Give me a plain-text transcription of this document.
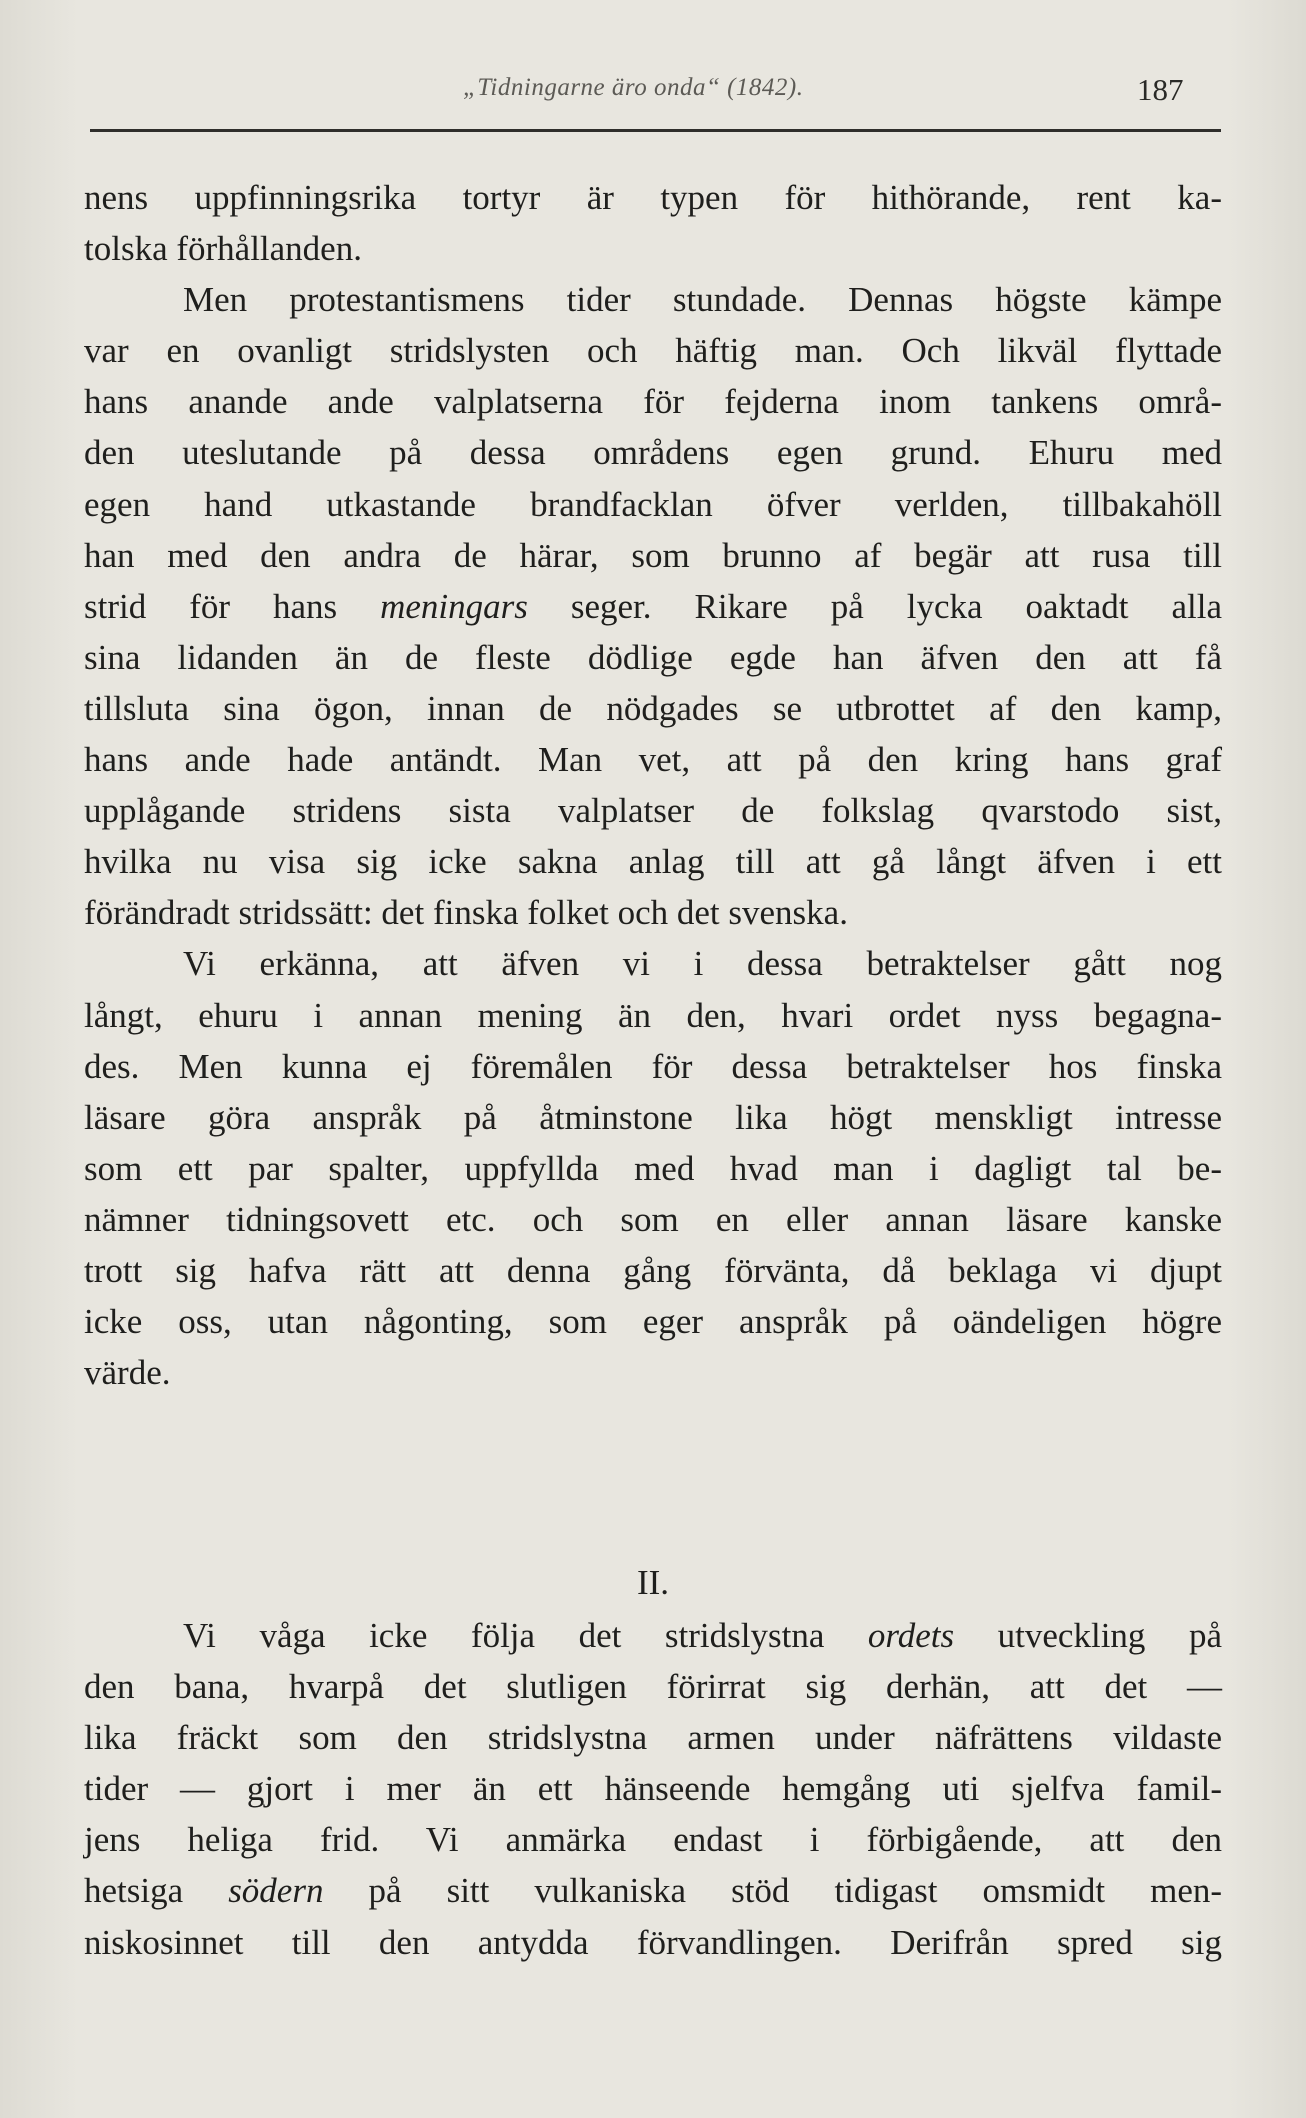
„Tidningarne äro onda“ (1842).	187
nens uppfinningsrika tortyr är typen för hithörande, rent ka-
tolska förhållanden.
Men protestantismens tider stundade. Dennas högste kämpe
var en ovanligt stridslysten och häftig man. Och likväl flyttade
hans anande ande valplatserna för fejderna inom tankens områ-
den uteslutande på dessa områdens egen grund. Ehuru med
egen hand utkastande brandfacklan öfver verlden, tillbakahöll
han med den andra de härar, som brunno af begär att rusa till
strid för hans meningars seger. Rikare på lycka oaktadt alla
sina lidanden än de fleste dödlige egde han äfven den att få
tillsluta sina ögon, innan de nödgades se utbrottet af den kamp,
hans ande hade antändt. Man vet, att på den kring hans graf
upplågande stridens sista valplatser de folkslag qvarstodo sist,
hvilka nu visa sig icke sakna anlag till att gå långt äfven i ett
förändradt stridssätt: det finska folket och det svenska.
Vi erkänna, att äfven vi i dessa betraktelser gått nog
långt, ehuru i annan mening än den, hvari ordet nyss begagna-
des. Men kunna ej föremålen för dessa betraktelser hos finska
läsare göra anspråk på åtminstone lika högt menskligt intresse
som ett par spalter, uppfyllda med hvad man i dagligt tal be-
nämner tidningsovett etc. och som en eller annan läsare kanske
trott sig hafva rätt att denna gång förvänta, då beklaga vi djupt
icke oss, utan någonting, som eger anspråk på oändeligen högre
värde.
II.
Vi våga icke följa det stridslystna ordets utveckling på
den bana, hvarpå det slutligen förirrat sig derhän, att det —
lika fräckt som den stridslystna armen under näfrättens vildaste
tider — gjort i mer än ett hänseende hemgång uti sjelfva famil-
jens heliga frid. Vi anmärka endast i förbigående, att den
hetsiga södern på sitt vulkaniska stöd tidigast omsmidt men-
niskosinnet till den antydda förvandlingen. Derifrån spred sig
